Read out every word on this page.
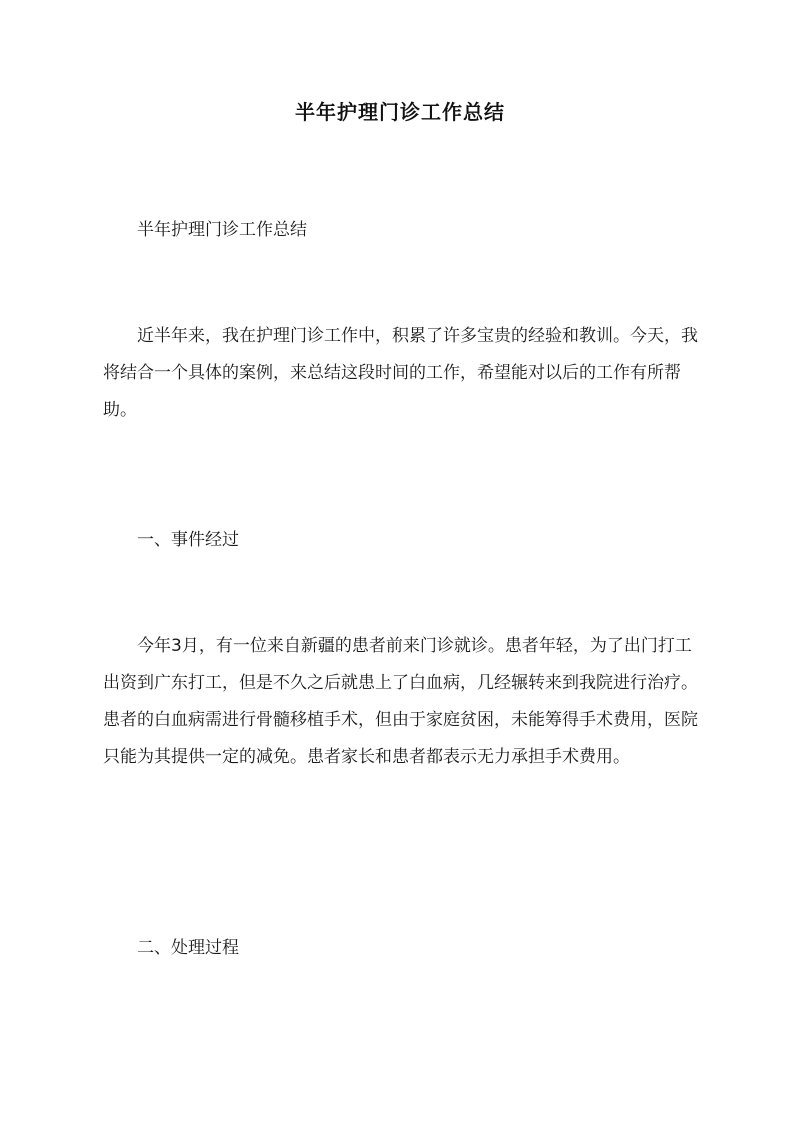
半年护理门诊工作总结

半年护理门诊工作总结

近半年来，我在护理门诊工作中，积累了许多宝贵的经验和教训。今天，我将结合一个具体的案例，来总结这段时间的工作，希望能对以后的工作有所帮助。

一、事件经过

今年3月，有一位来自新疆的患者前来门诊就诊。患者年轻，为了出门打工出资到广东打工，但是不久之后就患上了白血病，几经辗转来到我院进行治疗。患者的白血病需进行骨髓移植手术，但由于家庭贫困，未能筹得手术费用，医院只能为其提供一定的减免。患者家长和患者都表示无力承担手术费用。

二、处理过程
